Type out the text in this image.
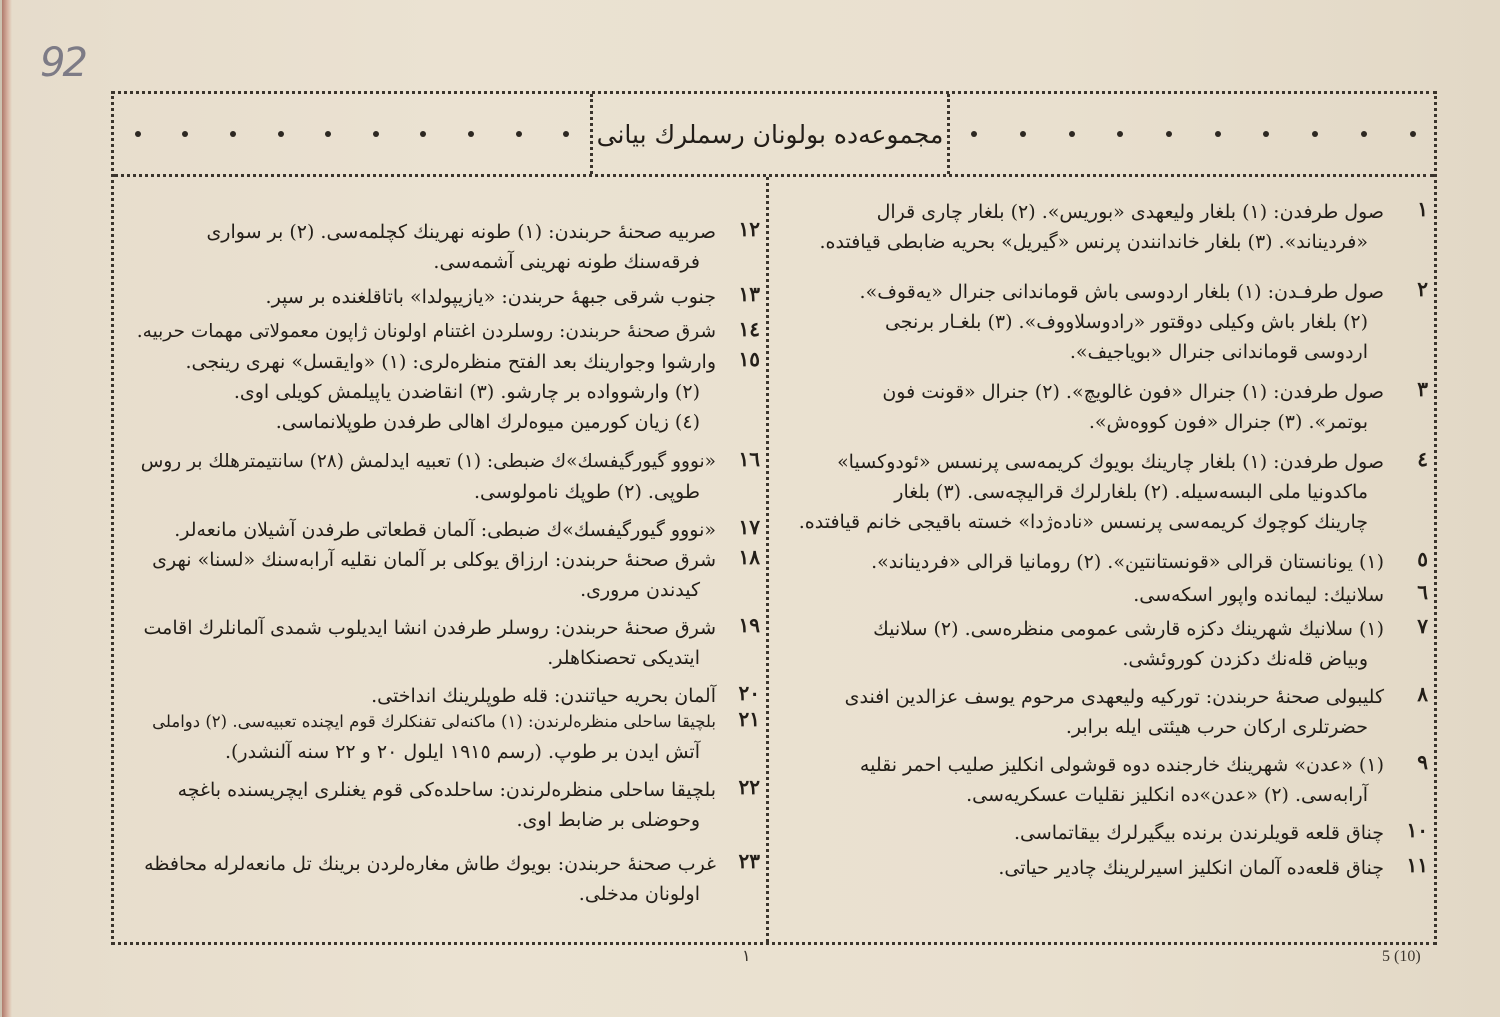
92
مجموعه‌ده بولونان رسملرك بیانی
۱۲
صربیه صحنهٔ حربندن: (۱) طونه نهرینك كچلمه‌سی. (۲) بر سواری
فرقه‌سنك طونه نهرینی آشمه‌سی.
۱۳
جنوب شرقی جبههٔ حربندن: «یازیپولدا» باتاقلغنده بر سپر.
۱٤
شرق صحنهٔ حربندن: روسلردن اغتنام اولونان ژاپون معمولاتی مهمات حربیه.
۱٥
وارشوا وجوارینك بعد الفتح منظره‌لری: (۱) «وایقسل» نهری رینجی.
(۲) وارشوواده بر چارشو. (۳) انقاضدن یاپیلمش كویلی اوی.
(٤) زیان كورمین میوه‌لرك اهالی طرفدن طوپلانماسی.
۱٦
«نووو گیورگیفسك»ك ضبطی: (۱) تعبیه ایدلمش (۲۸) سانتیمترهلك بر روس
طوپی. (۲) طوپك نامولوسی.
۱۷
«نووو گیورگیفسك»ك ضبطی: آلمان قطعاتی طرفدن آشیلان مانعه‌لر.
۱۸
شرق صحنهٔ حربندن: ارزاق یوكلی بر آلمان نقلیه آرابه‌سنك «لسنا» نهری
كیدندن مروری.
۱۹
شرق صحنهٔ حربندن: روسلر طرفدن انشا ایدیلوب شمدی آلمانلرك اقامت
ایتدیكی تحصنكاهلر.
۲۰
آلمان بحریه حیاتندن: قله طوپلرینك انداختی.
۲۱
بلچیقا ساحلی منظره‌لرندن: (۱) ماكنه‌لی تفنكلرك قوم ایچنده تعبیه‌سی. (۲) دواملی
آتش ایدن بر طوپ. (رسم ۱۹۱٥ ایلول ۲۰ و ۲۲ سنه آلنشدر).
۲۲
بلچیقا ساحلی منظره‌لرندن: ساحلده‌كی قوم یغنلری ایچریسنده باغچه
وحوضلی بر ضابط اوی.
۲۳
غرب صحنهٔ حربندن: بویوك طاش مغاره‌لردن برینك تل مانعه‌لرله محافظه
اولونان مدخلی.
۱
صول طرفدن: (۱) بلغار ولیعهدی «بوریس». (۲) بلغار چاری قرال
«فردیناند». (۳) بلغار خاندانندن پرنس «گیریل» بحریه ضابطی قیافتده.
۲
صول طرفـدن: (۱) بلغار اردوسی باش قوماندانی جنرال «یه‌قوف».
(۲) بلغار باش وکیلی دوقتور «رادوسلاووف». (۳) بلغـار برنجی
اردوسی قوماندانی جنرال «بویاجیف».
۳
صول طرفدن: (۱) جنرال «فون غالویچ». (۲) جنرال «قونت فون
بوتمر». (۳) جنرال «فون كووه‌ش».
٤
صول طرفدن: (۱) بلغار چارینك بویوك كریمه‌سی پرنسس «ئودوكسیا»
ماكدونیا ملی البسه‌سیله. (۲) بلغارلرك قرالیچه‌سی. (۳) بلغار
چارینك كوچوك كریمه‌سی پرنسس «نادەژدا» خسته باقیجی خانم قیافتده.
٥
(۱) یونانستان قرالی «قونستانتین». (۲) رومانیا قرالی «فردیناند».
٦
سلانیك: لیمانده واپور اسكه‌سی.
۷
(۱) سلانیك شهرینك دكزه قارشی عمومی منظره‌سی. (۲) سلانیك
وبیاض قله‌نك دكزدن كوروئشی.
۸
كلیبولی صحنهٔ حربندن: توركیه ولیعهدی مرحوم یوسف عزالدین افندی
حضرتلری اركان حرب هیئتی ایله برابر.
۹
(۱) «عدن» شهرینك خارجنده دوه قوشولی انكلیز صلیب احمر نقلیه
آرابه‌سی. (۲) «عدن»ده انكلیز نقلیات عسكریه‌سی.
۱۰
چناق قلعه قویلرندن برنده بیگیرلرك بیقاتماسی.
۱۱
چناق قلعه‌ده آلمان انكلیز اسیرلرینك چادیر حیاتی.
۱	5 (10)
